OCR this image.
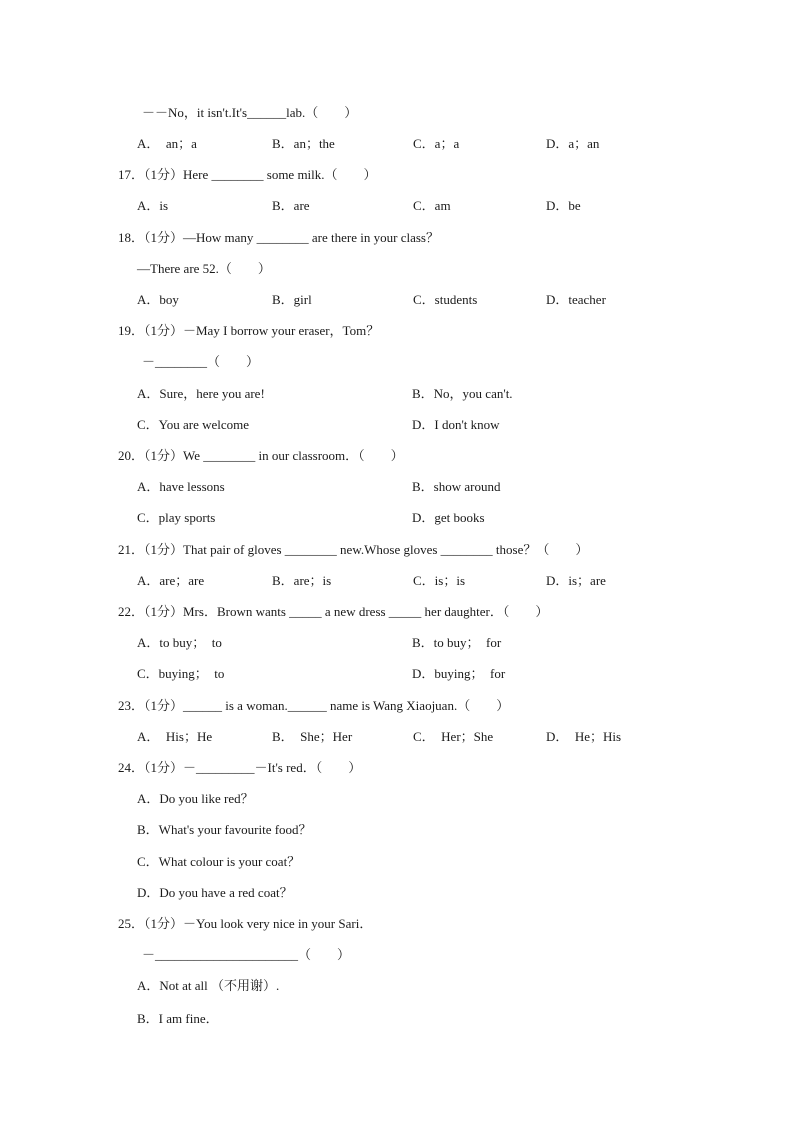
－－No，it isn't.It's______lab.（　　）
A．  an；a	B．an；the	C．a；a	D．a；an
17．（1分）Here ________ some milk.（　　）
A．is	B．are	C．am	D．be
18．（1分）—How many ________ are there in your class？
—There are 52.（　　）
A．boy	B．girl	C．students	D．teacher
19．（1分）－May I borrow your eraser，Tom？
－________（　　）
A．Sure，here you are!	B．No，you can't.
C．You are welcome	D．I don't know
20．（1分）We ________ in our classroom．（　　）
A．have lessons	B．show around
C．play sports	D．get books
21．（1分）That pair of gloves ________ new.Whose gloves ________ those？（　　）
A．are；are	B．are；is	C．is；is	D．is；are
22．（1分）Mrs．Brown wants _____ a new dress _____ her daughter．（　　）
A．to buy；  to	B．to buy；  for
C．buying；  to	D．buying；  for
23．（1分）______ is a woman.______ name is Wang Xiaojuan.（　　）
A．  His；He	B．  She；Her	C．  Her；She	D．  He；His
24．（1分）－_________－It's red．（　　）
A．Do you like red？
B．What's your favourite food？
C．What colour is your coat？
D．Do you have a red coat？
25．（1分）－You look very nice in your Sari．
－______________________（　　）
A．Not at all （不用谢）.
B．I am fine．
